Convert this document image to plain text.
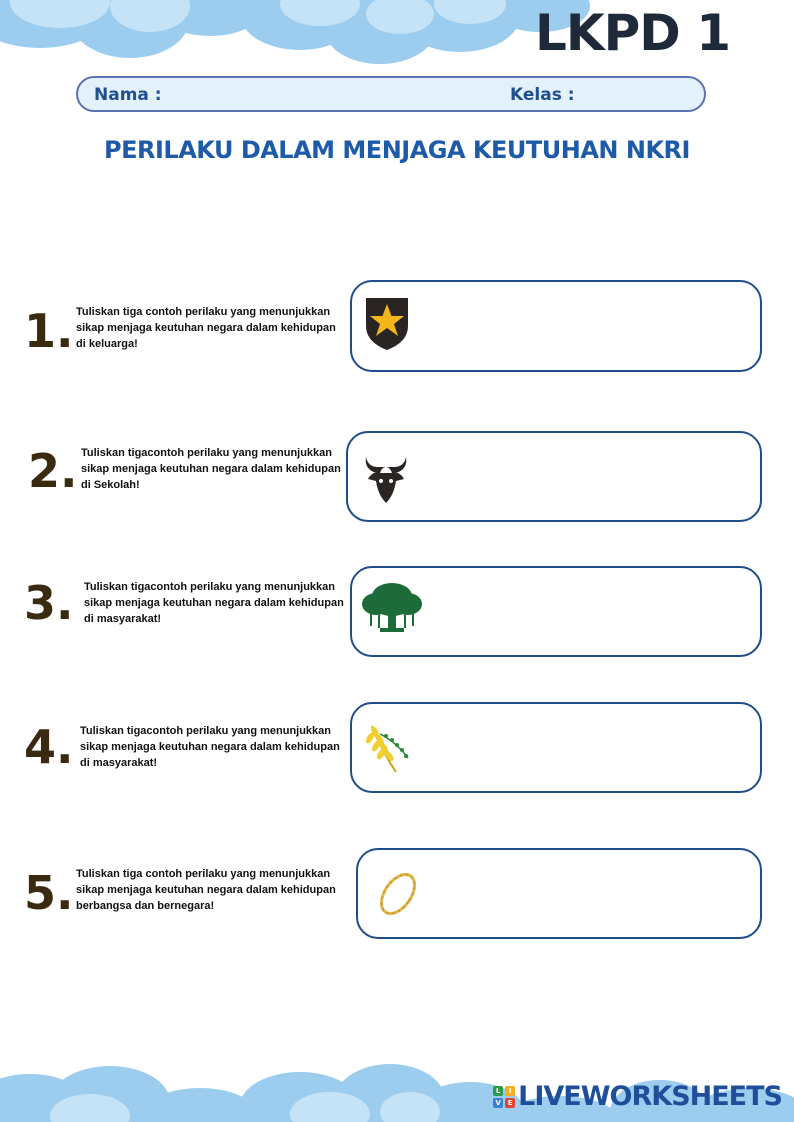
LKPD 1
Nama :	Kelas :
PERILAKU DALAM MENJAGA KEUTUHAN NKRI
1. Tuliskan tiga contoh perilaku yang menunjukkan sikap menjaga keutuhan negara dalam kehidupan di keluarga!
2. Tuliskan tigacontoh perilaku yang menunjukkan sikap menjaga keutuhan negara dalam kehidupan di Sekolah!
3. Tuliskan tigacontoh perilaku yang menunjukkan sikap menjaga keutuhan negara dalam kehidupan di masyarakat!
4. Tuliskan tigacontoh perilaku yang menunjukkan sikap menjaga keutuhan negara dalam kehidupan di masyarakat!
5. Tuliskan tiga contoh perilaku yang menunjukkan sikap menjaga keutuhan negara dalam kehidupan berbangsa dan bernegara!
L	I
V E LIVEWORKSHEETS
